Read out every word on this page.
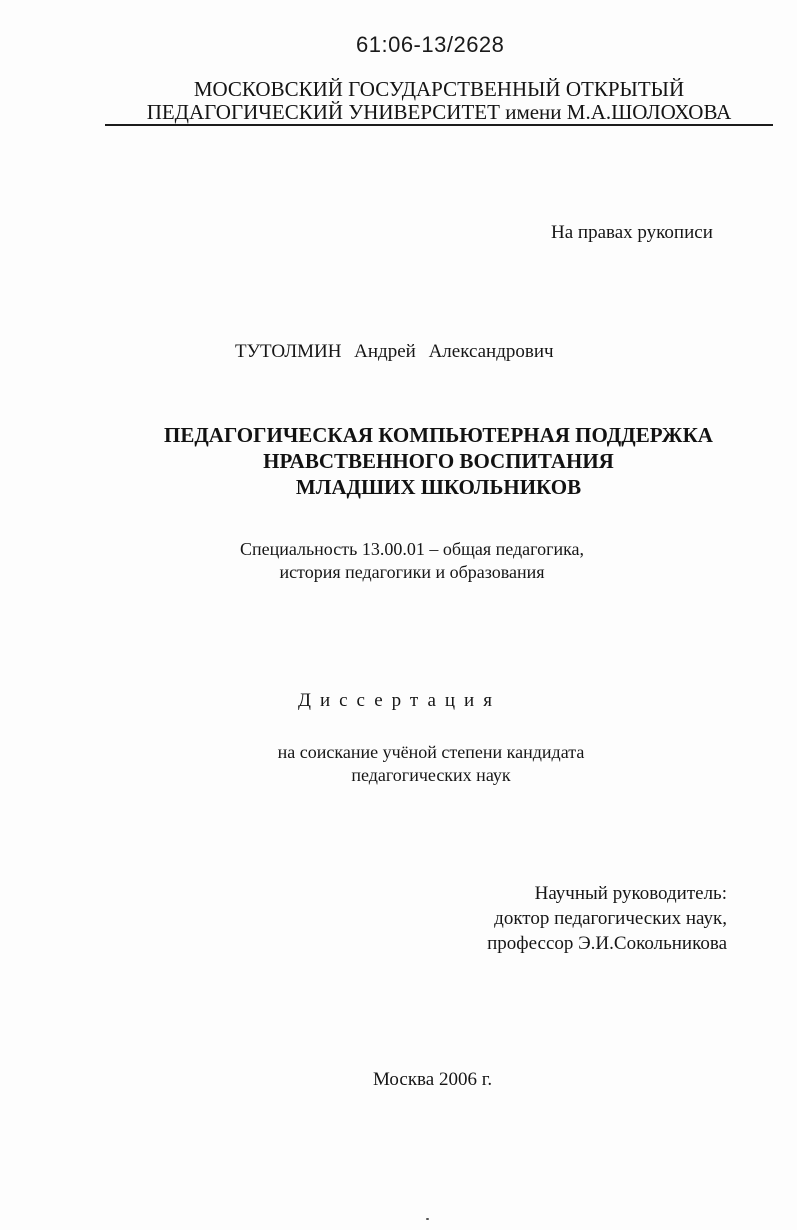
61:06-13/2628
МОСКОВСКИЙ ГОСУДАРСТВЕННЫЙ ОТКРЫТЫЙ
ПЕДАГОГИЧЕСКИЙ УНИВЕРСИТЕТ имени М.А.ШОЛОХОВА
На правах рукописи
ТУТОЛМИН Андрей Александрович
ПЕДАГОГИЧЕСКАЯ КОМПЬЮТЕРНАЯ ПОДДЕРЖКА
НРАВСТВЕННОГО ВОСПИТАНИЯ
МЛАДШИХ ШКОЛЬНИКОВ
Специальность 13.00.01 – общая педагогика,
история педагогики и образования
Диссертация
на соискание учёной степени кандидата
педагогических наук
Научный руководитель:
доктор педагогических наук,
профессор Э.И.Сокольникова
Москва 2006 г.
